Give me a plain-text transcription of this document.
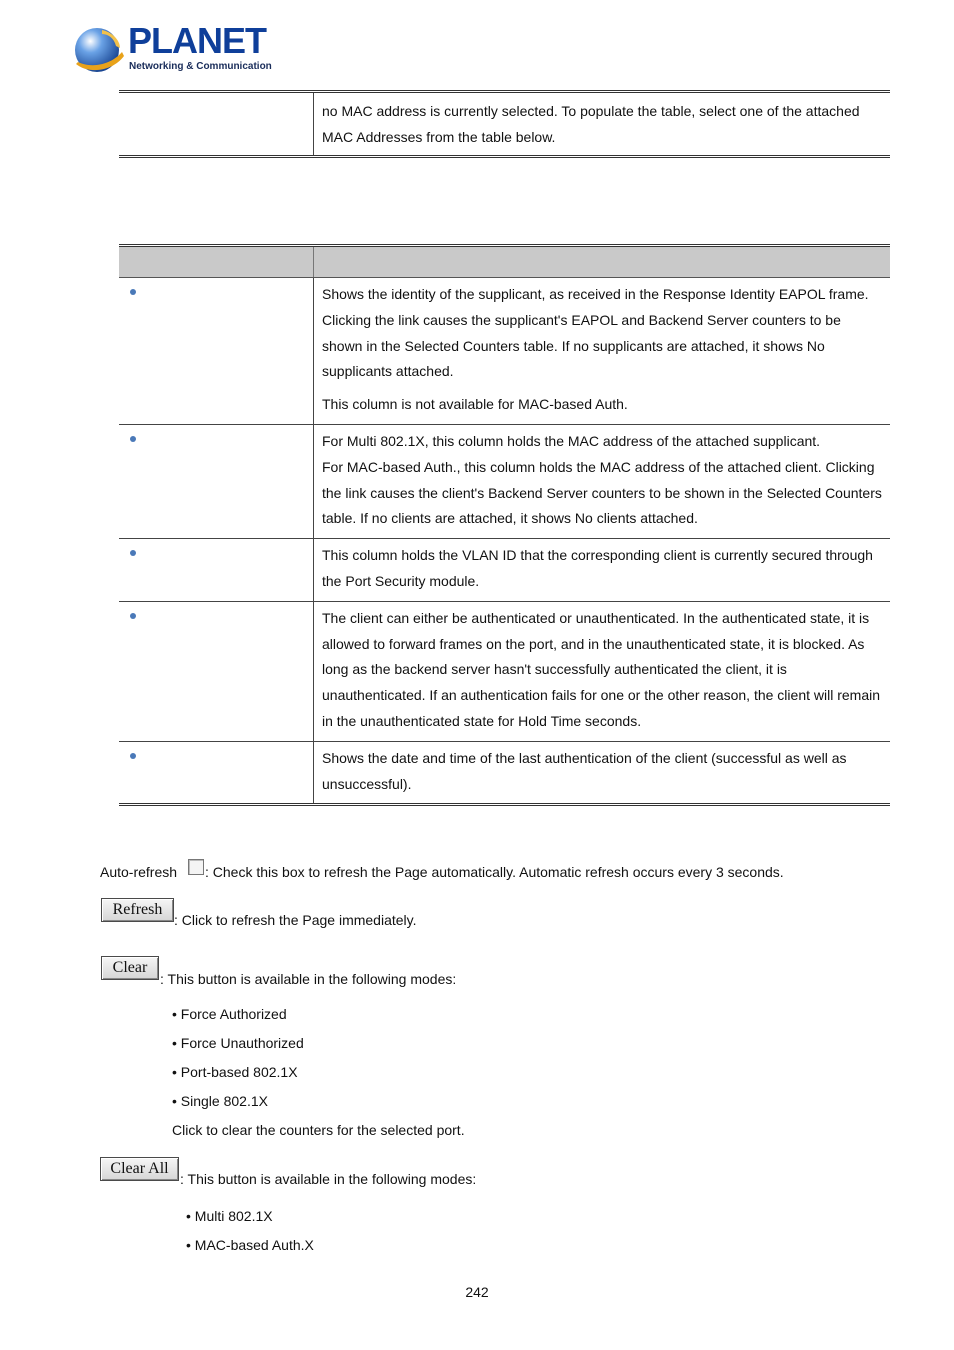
PLANET
Networking & Communication

no MAC address is currently selected. To populate the table, select one of the attached
MAC Addresses from the table below.

	Shows the identity of the supplicant, as received in the Response Identity EAPOL frame. Clicking the link causes the supplicant's EAPOL and Backend Server counters to be shown in the Selected Counters table. If no supplicants are attached, it shows No supplicants attached.
This column is not available for MAC-based Auth.

	For Multi 802.1X, this column holds the MAC address of the attached supplicant.
For MAC-based Auth., this column holds the MAC address of the attached client. Clicking the link causes the client's Backend Server counters to be shown in the Selected Counters table. If no clients are attached, it shows No clients attached.

	This column holds the VLAN ID that the corresponding client is currently secured through the Port Security module.

	The client can either be authenticated or unauthenticated. In the authenticated state, it is allowed to forward frames on the port, and in the unauthenticated state, it is blocked. As long as the backend server hasn't successfully authenticated the client, it is unauthenticated. If an authentication fails for one or the other reason, the client will remain in the unauthenticated state for Hold Time seconds.

	Shows the date and time of the last authentication of the client (successful as well as unsuccessful).
Auto-refresh : Check this box to refresh the Page automatically. Automatic refresh occurs every 3 seconds.
Refresh
: Click to refresh the Page immediately.
Clear
: This button is available in the following modes:
• Force Authorized
• Force Unauthorized
• Port-based 802.1X
• Single 802.1X
Click to clear the counters for the selected port.
Clear All
: This button is available in the following modes:
• Multi 802.1X
• MAC-based Auth.X
242
